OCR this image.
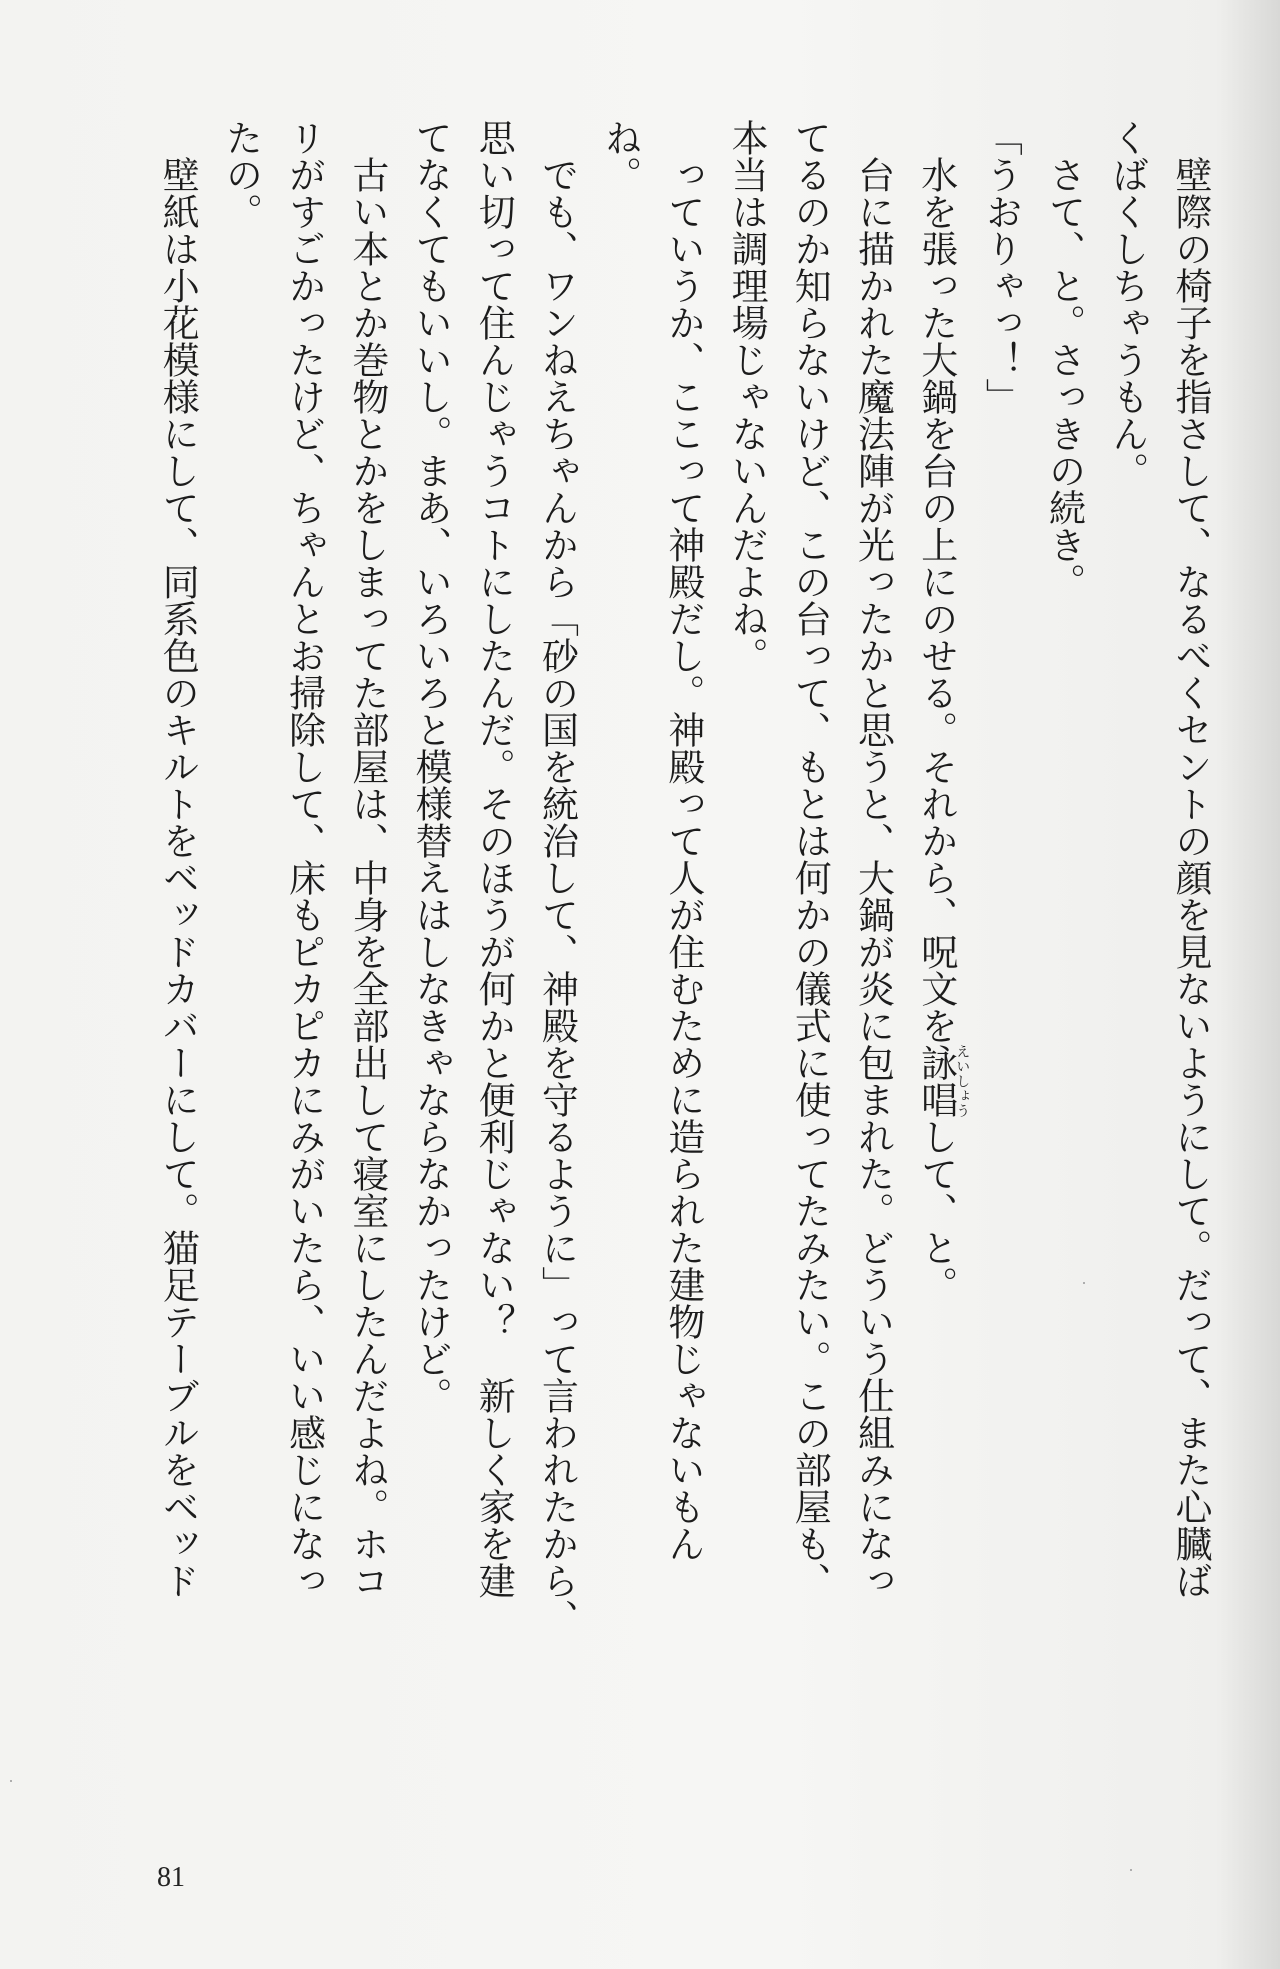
壁際の椅子を指さして、なるべくセントの顔を見ないようにして。だって、また心臓ば
くばくしちゃうもん。
さて、と。さっきの続き。
「うおりゃっ！」
水を張った大鍋を台の上にのせる。それから、呪文を詠唱えいしょうして、と。
台に描かれた魔法陣が光ったかと思うと、大鍋が炎に包まれた。どういう仕組みになっ
てるのか知らないけど、この台って、もとは何かの儀式に使ってたみたい。この部屋も、
本当は調理場じゃないんだよね。
っていうか、ここって神殿だし。神殿って人が住むために造られた建物じゃないもん
ね。
でも、ワンねえちゃんから「砂の国を統治して、神殿を守るように」って言われたから、
思い切って住んじゃうコトにしたんだ。そのほうが何かと便利じゃない？　新しく家を建
てなくてもいいし。まあ、いろいろと模様替えはしなきゃならなかったけど。
古い本とか巻物とかをしまってた部屋は、中身を全部出して寝室にしたんだよね。ホコ
リがすごかったけど、ちゃんとお掃除して、床もピカピカにみがいたら、いい感じになっ
たの。
壁紙は小花模様にして、同系色のキルトをベッドカバーにして。猫足テーブルをベッド
81
